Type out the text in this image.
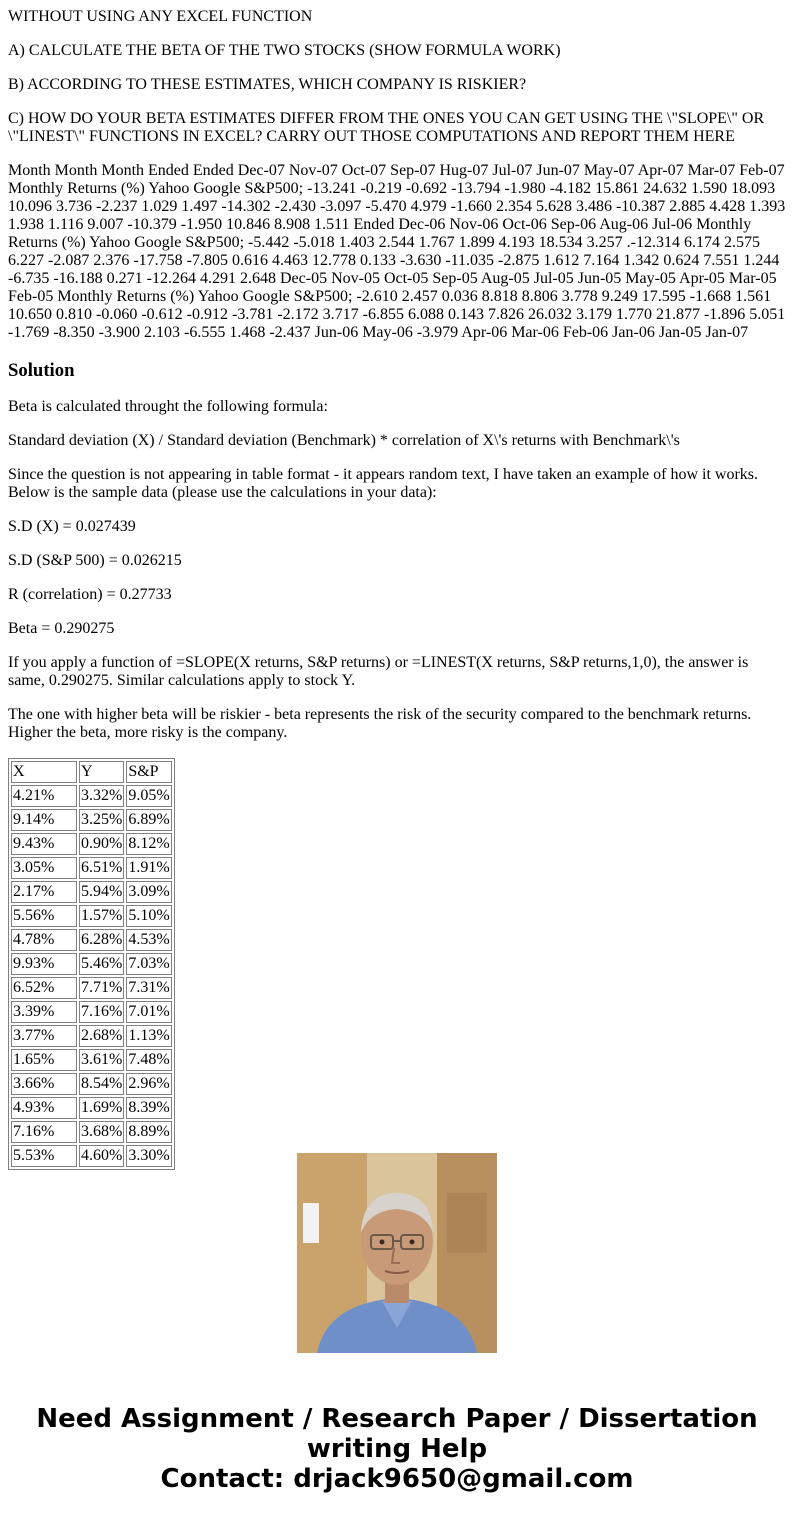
WITHOUT USING ANY EXCEL FUNCTION

A) CALCULATE THE BETA OF THE TWO STOCKS (SHOW FORMULA WORK)

B) ACCORDING TO THESE ESTIMATES, WHICH COMPANY IS RISKIER?

C) HOW DO YOUR BETA ESTIMATES DIFFER FROM THE ONES YOU CAN GET USING THE \"SLOPE\" OR \"LINEST\" FUNCTIONS IN EXCEL? CARRY OUT THOSE COMPUTATIONS AND REPORT THEM HERE

Month Month Month Ended Ended Dec-07 Nov-07 Oct-07 Sep-07 Hug-07 Jul-07 Jun-07 May-07 Apr-07 Mar-07 Feb-07 Monthly Returns (%) Yahoo Google S&P500; -13.241 -0.219 -0.692 -13.794 -1.980 -4.182 15.861 24.632 1.590 18.093 10.096 3.736 -2.237 1.029 1.497 -14.302 -2.430 -3.097 -5.470 4.979 -1.660 2.354 5.628 3.486 -10.387 2.885 4.428 1.393 1.938 1.116 9.007 -10.379 -1.950 10.846 8.908 1.511 Ended Dec-06 Nov-06 Oct-06 Sep-06 Aug-06 Jul-06 Monthly Returns (%) Yahoo Google S&P500; -5.442 -5.018 1.403 2.544 1.767 1.899 4.193 18.534 3.257 .-12.314 6.174 2.575 6.227 -2.087 2.376 -17.758 -7.805 0.616 4.463 12.778 0.133 -3.630 -11.035 -2.875 1.612 7.164 1.342 0.624 7.551 1.244 -6.735 -16.188 0.271 -12.264 4.291 2.648 Dec-05 Nov-05 Oct-05 Sep-05 Aug-05 Jul-05 Jun-05 May-05 Apr-05 Mar-05 Feb-05 Monthly Returns (%) Yahoo Google S&P500; -2.610 2.457 0.036 8.818 8.806 3.778 9.249 17.595 -1.668 1.561 10.650 0.810 -0.060 -0.612 -0.912 -3.781 -2.172 3.717 -6.855 6.088 0.143 7.826 26.032 3.179 1.770 21.877 -1.896 5.051 -1.769 -8.350 -3.900 2.103 -6.555 1.468 -2.437 Jun-06 May-06 -3.979 Apr-06 Mar-06 Feb-06 Jan-06 Jan-05 Jan-07

Solution

Beta is calculated throught the following formula:

Standard deviation (X) / Standard deviation (Benchmark) * correlation of X\'s returns with Benchmark\'s

Since the question is not appearing in table format - it appears random text, I have taken an example of how it works. Below is the sample data (please use the calculations in your data):

S.D (X) = 0.027439

S.D (S&P 500) = 0.026215

R (correlation) = 0.27733

Beta = 0.290275

If you apply a function of =SLOPE(X returns, S&P returns) or =LINEST(X returns, S&P returns,1,0), the answer is same, 0.290275. Similar calculations apply to stock Y.

The one with higher beta will be riskier - beta represents the risk of the security compared to the benchmark returns. Higher the beta, more risky is the company.

X	Y	S&P
4.21%	3.32%	9.05%
9.14%	3.25%	6.89%
9.43%	0.90%	8.12%
3.05%	6.51%	1.91%
2.17%	5.94%	3.09%
5.56%	1.57%	5.10%
4.78%	6.28%	4.53%
9.93%	5.46%	7.03%
6.52%	7.71%	7.31%
3.39%	7.16%	7.01%
3.77%	2.68%	1.13%
1.65%	3.61%	7.48%
3.66%	8.54%	2.96%
4.93%	1.69%	8.39%
7.16%	3.68%	8.89%
5.53%	4.60%	3.30%
Need Assignment / Research Paper / Dissertation
writing Help
Contact: drjack9650@gmail.com
